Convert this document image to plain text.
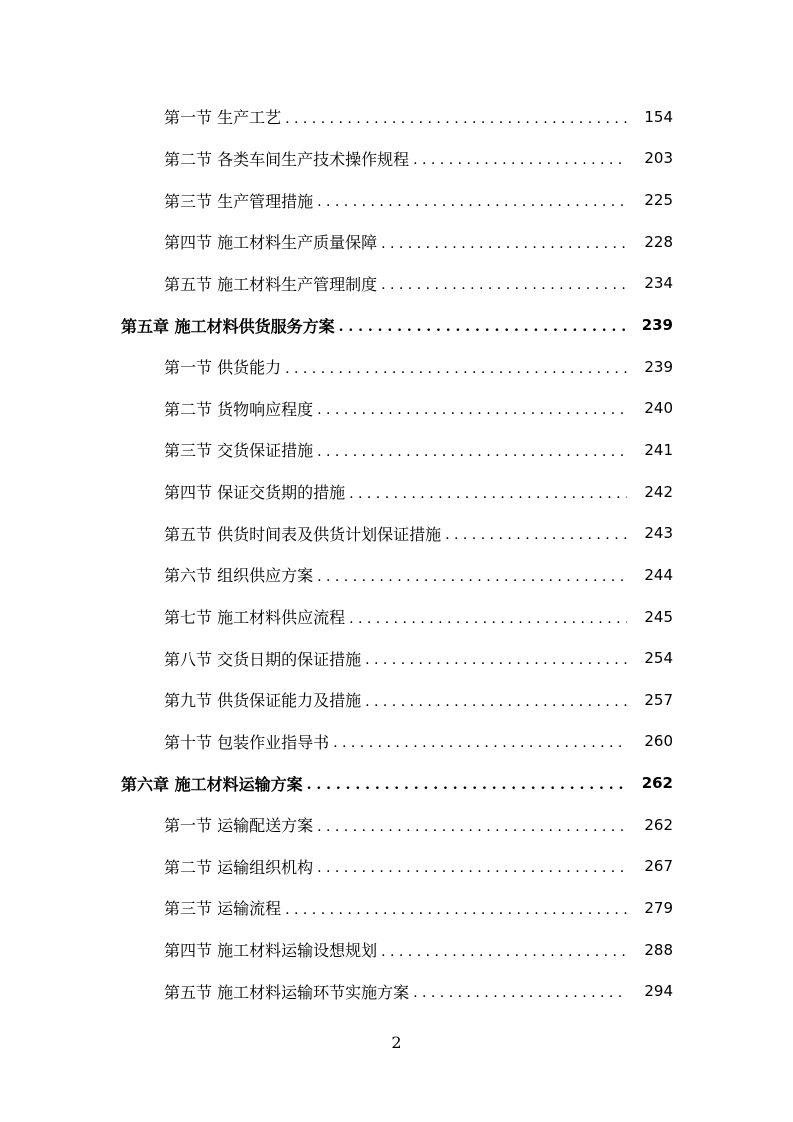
第一节 生产工艺 . . .	154
第二节 各类车间生产技术操作规程 . . .	203
第三节 生产管理措施 . . .	225
第四节 施工材料生产质量保障 . . .	228
第五节 施工材料生产管理制度 . . .	234
第五章 施工材料供货服务方案 . . .	239
第一节 供货能力 . . .	239
第二节 货物响应程度 . . .	240
第三节 交货保证措施 . . .	241
第四节 保证交货期的措施 . . .	242
第五节 供货时间表及供货计划保证措施 . . .	243
第六节 组织供应方案 . . .	244
第七节 施工材料供应流程 . . .	245
第八节 交货日期的保证措施 . . .	254
第九节 供货保证能力及措施 . . .	257
第十节 包装作业指导书 . . .	260
第六章 施工材料运输方案 . . .	262
第一节 运输配送方案 . . .	262
第二节 运输组织机构 . . .	267
第三节 运输流程 . . .	279
第四节 施工材料运输设想规划 . . .	288
第五节 施工材料运输环节实施方案 . . .	294
2
